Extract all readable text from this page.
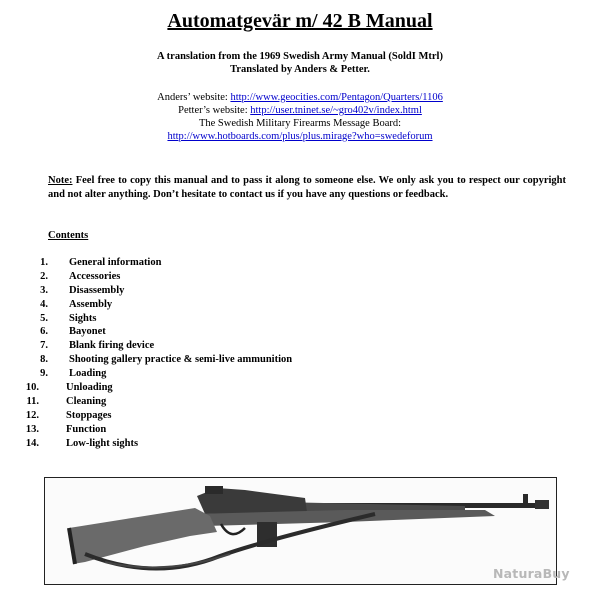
Automatgevär m/ 42 B Manual
A translation from the 1969 Swedish Army Manual (SoldI Mtrl)
Translated by Anders & Petter.
Anders’ website: http://www.geocities.com/Pentagon/Quarters/1106
Petter’s website: http://user.tninet.se/~gro402v/index.html
The Swedish Military Firearms Message Board:
http://www.hotboards.com/plus/plus.mirage?who=swedeforum

Note: Feel free to copy this manual and to pass it along to someone else. We only ask you to respect our copyright and not alter anything. Don’t hesitate to contact us if you have any questions or feedback.

Contents
1. General information
2. Accessories
3. Disassembly
4. Assembly
5. Sights
6. Bayonet
7. Blank firing device
8. Shooting gallery practice & semi-live ammunition
9. Loading
10.	Unloading
11.	Cleaning
12.	Stoppages
13.	Function
14.	Low-light sights
NaturaBuy
